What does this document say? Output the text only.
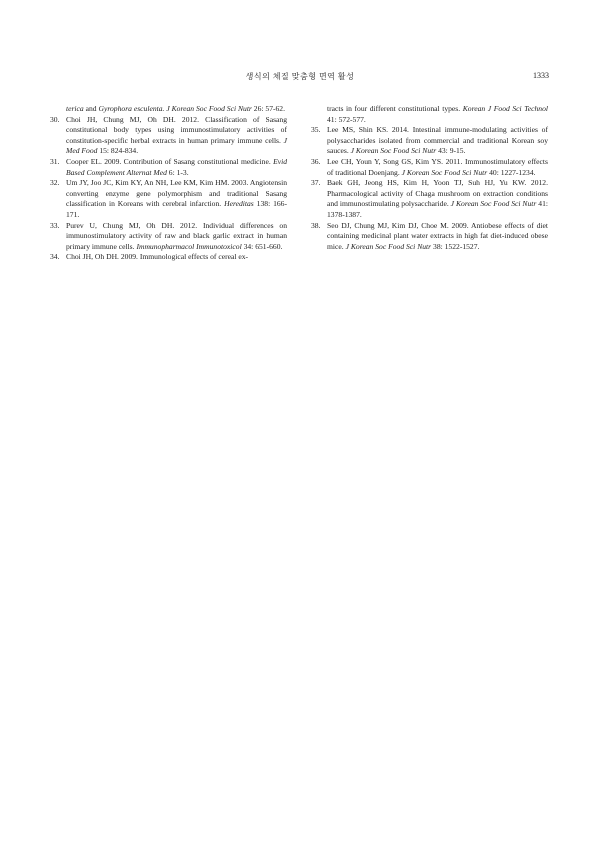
생식의 체질 맞춤형 면역 활성	1333

terica and Gyrophora esculenta. J Korean Soc Food Sci Nutr 26: 57-62.

30. Choi JH, Chung MJ, Oh DH. 2012. Classification of Sasang constitutional body types using immunostimulatory activities of constitution-specific herbal extracts in human primary immune cells. J Med Food 15: 824-834.

31. Cooper EL. 2009. Contribution of Sasang constitutional medicine. Evid Based Complement Alternat Med 6: 1-3.

32. Um JY, Joo JC, Kim KY, An NH, Lee KM, Kim HM. 2003. Angiotensin converting enzyme gene polymorphism and traditional Sasang classification in Koreans with cerebral infarction. Hereditas 138: 166-171.

33. Purev U, Chung MJ, Oh DH. 2012. Individual differences on immunostimulatory activity of raw and black garlic extract in human primary immune cells. Immunopharmacol Immunotoxicol 34: 651-660.

34. Choi JH, Oh DH. 2009. Immunological effects of cereal ex-

tracts in four different constitutional types. Korean J Food Sci Technol 41: 572-577.

35. Lee MS, Shin KS. 2014. Intestinal immune-modulating activities of polysaccharides isolated from commercial and traditional Korean soy sauces. J Korean Soc Food Sci Nutr 43: 9-15.

36. Lee CH, Youn Y, Song GS, Kim YS. 2011. Immunostimulatory effects of traditional Doenjang. J Korean Soc Food Sci Nutr 40: 1227-1234.

37. Baek GH, Jeong HS, Kim H, Yoon TJ, Suh HJ, Yu KW. 2012. Pharmacological activity of Chaga mushroom on extraction conditions and immunostimulating polysaccharide. J Korean Soc Food Sci Nutr 41: 1378-1387.

38. Seo DJ, Chung MJ, Kim DJ, Choe M. 2009. Antiobese effects of diet containing medicinal plant water extracts in high fat diet-induced obese mice. J Korean Soc Food Sci Nutr 38: 1522-1527.
